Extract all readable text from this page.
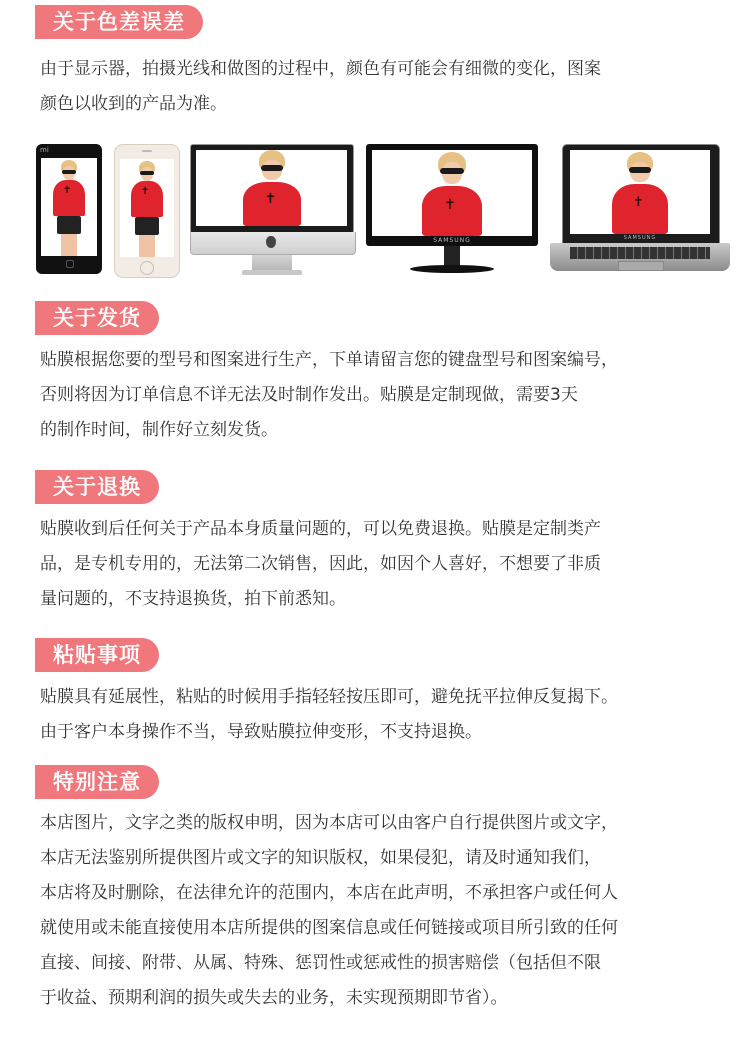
关于色差误差
由于显示器，拍摄光线和做图的过程中，颜色有可能会有细微的变化，图案
颜色以收到的产品为准。
mi
✝	✝	✝	✝
SAMSUNG
✝
SAMSUNG
关于发货
贴膜根据您要的型号和图案进行生产，下单请留言您的键盘型号和图案编号，
否则将因为订单信息不详无法及时制作发出。贴膜是定制现做，需要3天
的制作时间，制作好立刻发货。
关于退换
贴膜收到后任何关于产品本身质量问题的，可以免费退换。贴膜是定制类产
品，是专机专用的，无法第二次销售，因此，如因个人喜好，不想要了非质
量问题的，不支持退换货，拍下前悉知。
粘贴事项
贴膜具有延展性，粘贴的时候用手指轻轻按压即可，避免抚平拉伸反复揭下。
由于客户本身操作不当，导致贴膜拉伸变形，不支持退换。
特别注意
本店图片，文字之类的版权申明，因为本店可以由客户自行提供图片或文字，
本店无法鉴别所提供图片或文字的知识版权，如果侵犯，请及时通知我们，
本店将及时删除，在法律允许的范围内，本店在此声明，不承担客户或任何人
就使用或未能直接使用本店所提供的图案信息或任何链接或项目所引致的任何
直接、间接、附带、从属、特殊、惩罚性或惩戒性的损害赔偿（包括但不限
于收益、预期利润的损失或失去的业务，未实现预期即节省）。
